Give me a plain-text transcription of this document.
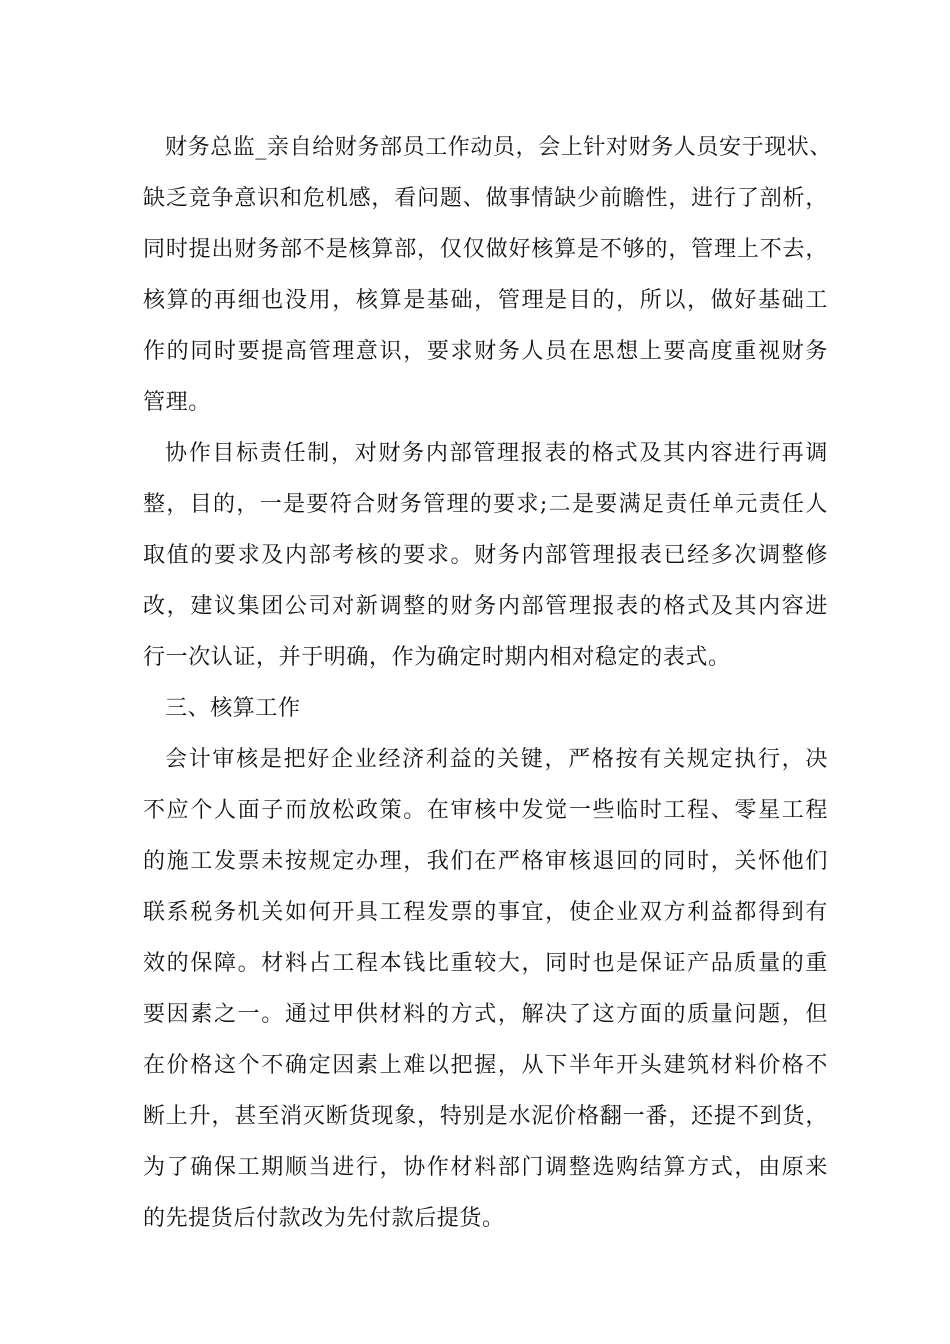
财务总监_亲自给财务部员工作动员，会上针对财务人员安于现状、
缺乏竞争意识和危机感，看问题、做事情缺少前瞻性，进行了剖析，
同时提出财务部不是核算部，仅仅做好核算是不够的，管理上不去，
核算的再细也没用，核算是基础，管理是目的，所以，做好基础工
作的同时要提高管理意识，要求财务人员在思想上要高度重视财务
管理。
协作目标责任制，对财务内部管理报表的格式及其内容进行再调
整，目的，一是要符合财务管理的要求;二是要满足责任单元责任人
取值的要求及内部考核的要求。财务内部管理报表已经多次调整修
改，建议集团公司对新调整的财务内部管理报表的格式及其内容进
行一次认证，并于明确，作为确定时期内相对稳定的表式。
三、核算工作
会计审核是把好企业经济利益的关键，严格按有关规定执行，决
不应个人面子而放松政策。在审核中发觉一些临时工程、零星工程
的施工发票未按规定办理，我们在严格审核退回的同时，关怀他们
联系税务机关如何开具工程发票的事宜，使企业双方利益都得到有
效的保障。材料占工程本钱比重较大，同时也是保证产品质量的重
要因素之一。通过甲供材料的方式，解决了这方面的质量问题，但
在价格这个不确定因素上难以把握，从下半年开头建筑材料价格不
断上升，甚至消灭断货现象，特别是水泥价格翻一番，还提不到货，
为了确保工期顺当进行，协作材料部门调整选购结算方式，由原来
的先提货后付款改为先付款后提货。
